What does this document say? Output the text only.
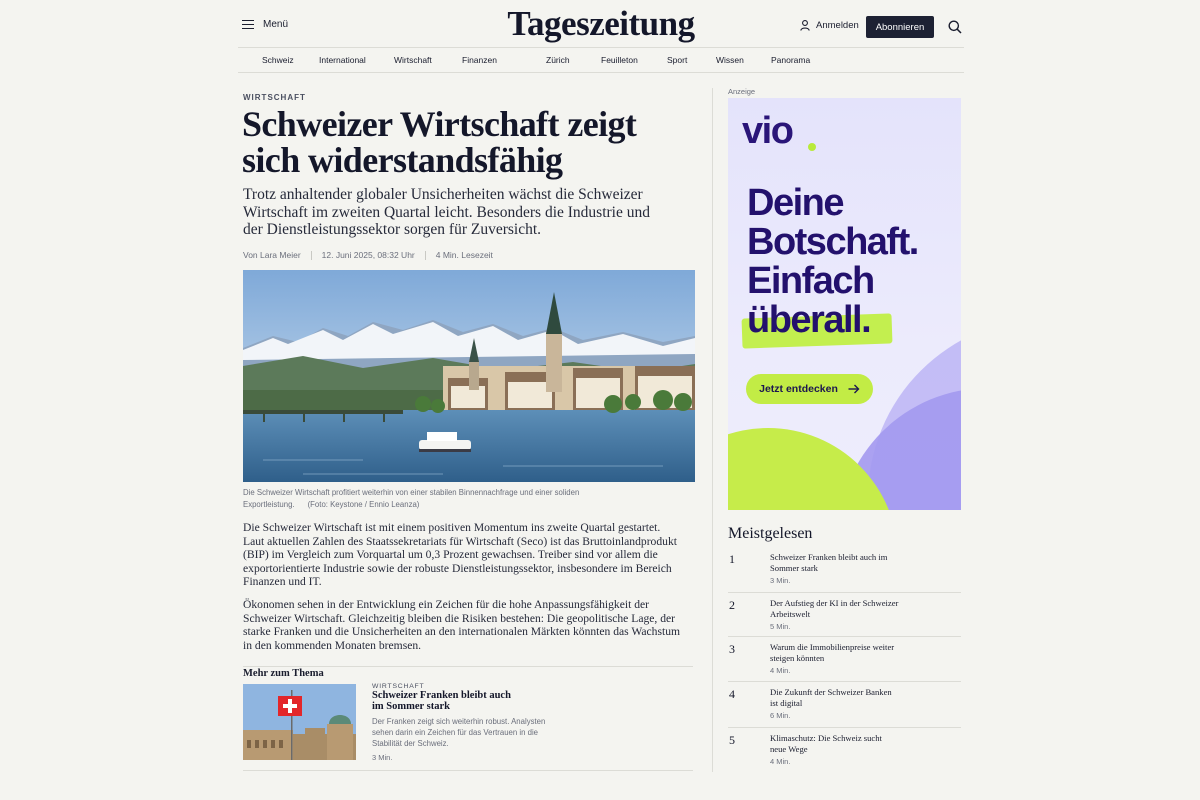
Menü	Tageszeitung	Anmelden	Abonnieren
Schweiz	International	Wirtschaft	Finanzen	Zürich	Feuilleton	Sport	Wissen	Panorama
WIRTSCHAFT
Schweizer Wirtschaft zeigt sich widerstandsfähig

Trotz anhaltender globaler Unsicherheiten wächst die Schweizer Wirtschaft im zweiten Quartal leicht. Besonders die Industrie und der Dienstleistungssektor sorgen für Zuversicht.

Von Lara Meier 12. Juni 2025, 08:32 Uhr 4 Min. Lesezeit
Die Schweizer Wirtschaft profitiert weiterhin von einer stabilen Binnennachfrage und einer soliden Exportleistung. (Foto: Keystone / Ennio Leanza)

Die Schweizer Wirtschaft ist mit einem positiven Momentum ins zweite Quartal gestartet. Laut aktuellen Zahlen des Staatssekretariats für Wirtschaft (Seco) ist das Bruttoinlandprodukt (BIP) im Vergleich zum Vorquartal um 0,3 Prozent gewachsen. Treiber sind vor allem die exportorientierte Industrie sowie der robuste Dienstleistungssektor, insbesondere im Bereich Finanzen und IT.

Ökonomen sehen in der Entwicklung ein Zeichen für die hohe Anpassungsfähigkeit der Schweizer Wirtschaft. Gleichzeitig bleiben die Risiken bestehen: Die geopolitische Lage, der starke Franken und die Unsicherheiten an den internationalen Märkten könnten das Wachstum in den kommenden Monaten bremsen.

Mehr zum Thema
WIRTSCHAFT
Schweizer Franken bleibt auch im Sommer stark
Der Franken zeigt sich weiterhin robust. Analysten sehen darin ein Zeichen für das Vertrauen in die Stabilität der Schweiz.
3 Min.
Anzeige
vio
Deine Botschaft. Einfach überall.
Jetzt entdecken
Meistgelesen
1	Schweizer Franken bleibt auch im Sommer stark
3 Min.
2	Der Aufstieg der KI in der Schweizer Arbeitswelt
5 Min.
3	Warum die Immobilienpreise weiter steigen könnten
4 Min.
4	Die Zukunft der Schweizer Banken ist digital
6 Min.
5	Klimaschutz: Die Schweiz sucht neue Wege
4 Min.
